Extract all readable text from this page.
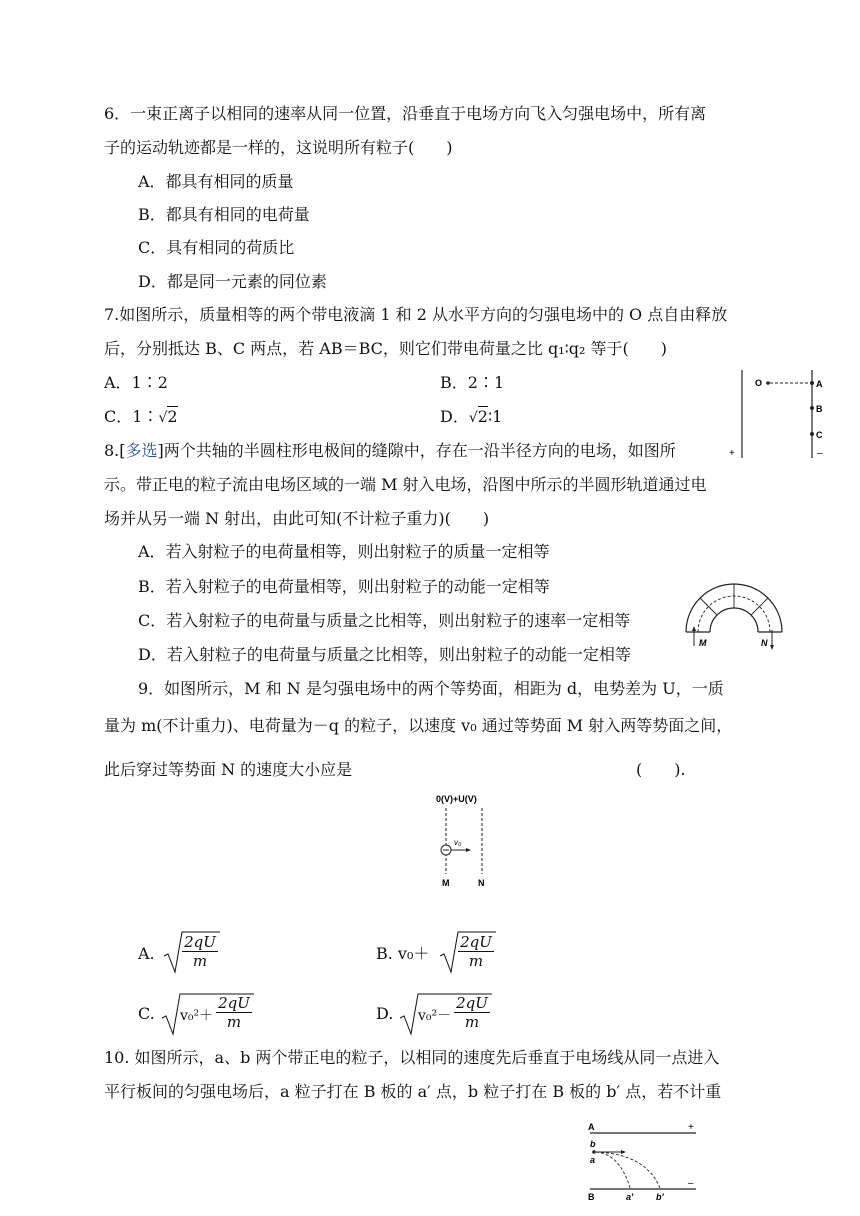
6．一束正离子以相同的速率从同一位置，沿垂直于电场方向飞入匀强电场中，所有离
子的运动轨迹都是一样的，这说明所有粒子(　　)
A．都具有相同的质量
B．都具有相同的电荷量
C．具有相同的荷质比
D．都是同一元素的同位素
7.如图所示，质量相等的两个带电液滴 1 和 2 从水平方向的匀强电场中的 O 点自由释放
后，分别抵达 B、C 两点，若 AB＝BC，则它们带电荷量之比 q₁∶q₂ 等于(　　)
A．1∶2	B．2∶1
C．1∶√2	D．√2∶1
O	A
B
C
+	–
8.[多选]两个共轴的半圆柱形电极间的缝隙中，存在一沿半径方向的电场，如图所
示。带正电的粒子流由电场区域的一端 M 射入电场，沿图中所示的半圆形轨道通过电
场并从另一端 N 射出，由此可知(不计粒子重力)(　　)
A．若入射粒子的电荷量相等，则出射粒子的质量一定相等
B．若入射粒子的电荷量相等，则出射粒子的动能一定相等
C．若入射粒子的电荷量与质量之比相等，则出射粒子的速率一定相等
D．若入射粒子的电荷量与质量之比相等，则出射粒子的动能一定相等
M	N
9．如图所示，M 和 N 是匀强电场中的两个等势面，相距为 d，电势差为 U，一质
量为 m(不计重力)、电荷量为－q 的粒子，以速度 v₀ 通过等势面 M 射入两等势面之间，
此后穿过等势面 N 的速度大小应是	(　　).
0(V)+U(V)
v₀
M	N
A. $\frac{2qU}{m}$	B. $v_0+ \frac{2qU}{m}$
C. $v_0^2+ \frac{2qU}{m}$	D. $v_0^2- \frac{2qU}{m}$
10. 如图所示，a、b 两个带正电的粒子，以相同的速度先后垂直于电场线从同一点进入
平行板间的匀强电场后，a 粒子打在 B 板的 a′ 点，b 粒子打在 B 板的 b′ 点，若不计重
A	+
B
–
b
a
a′	b′
